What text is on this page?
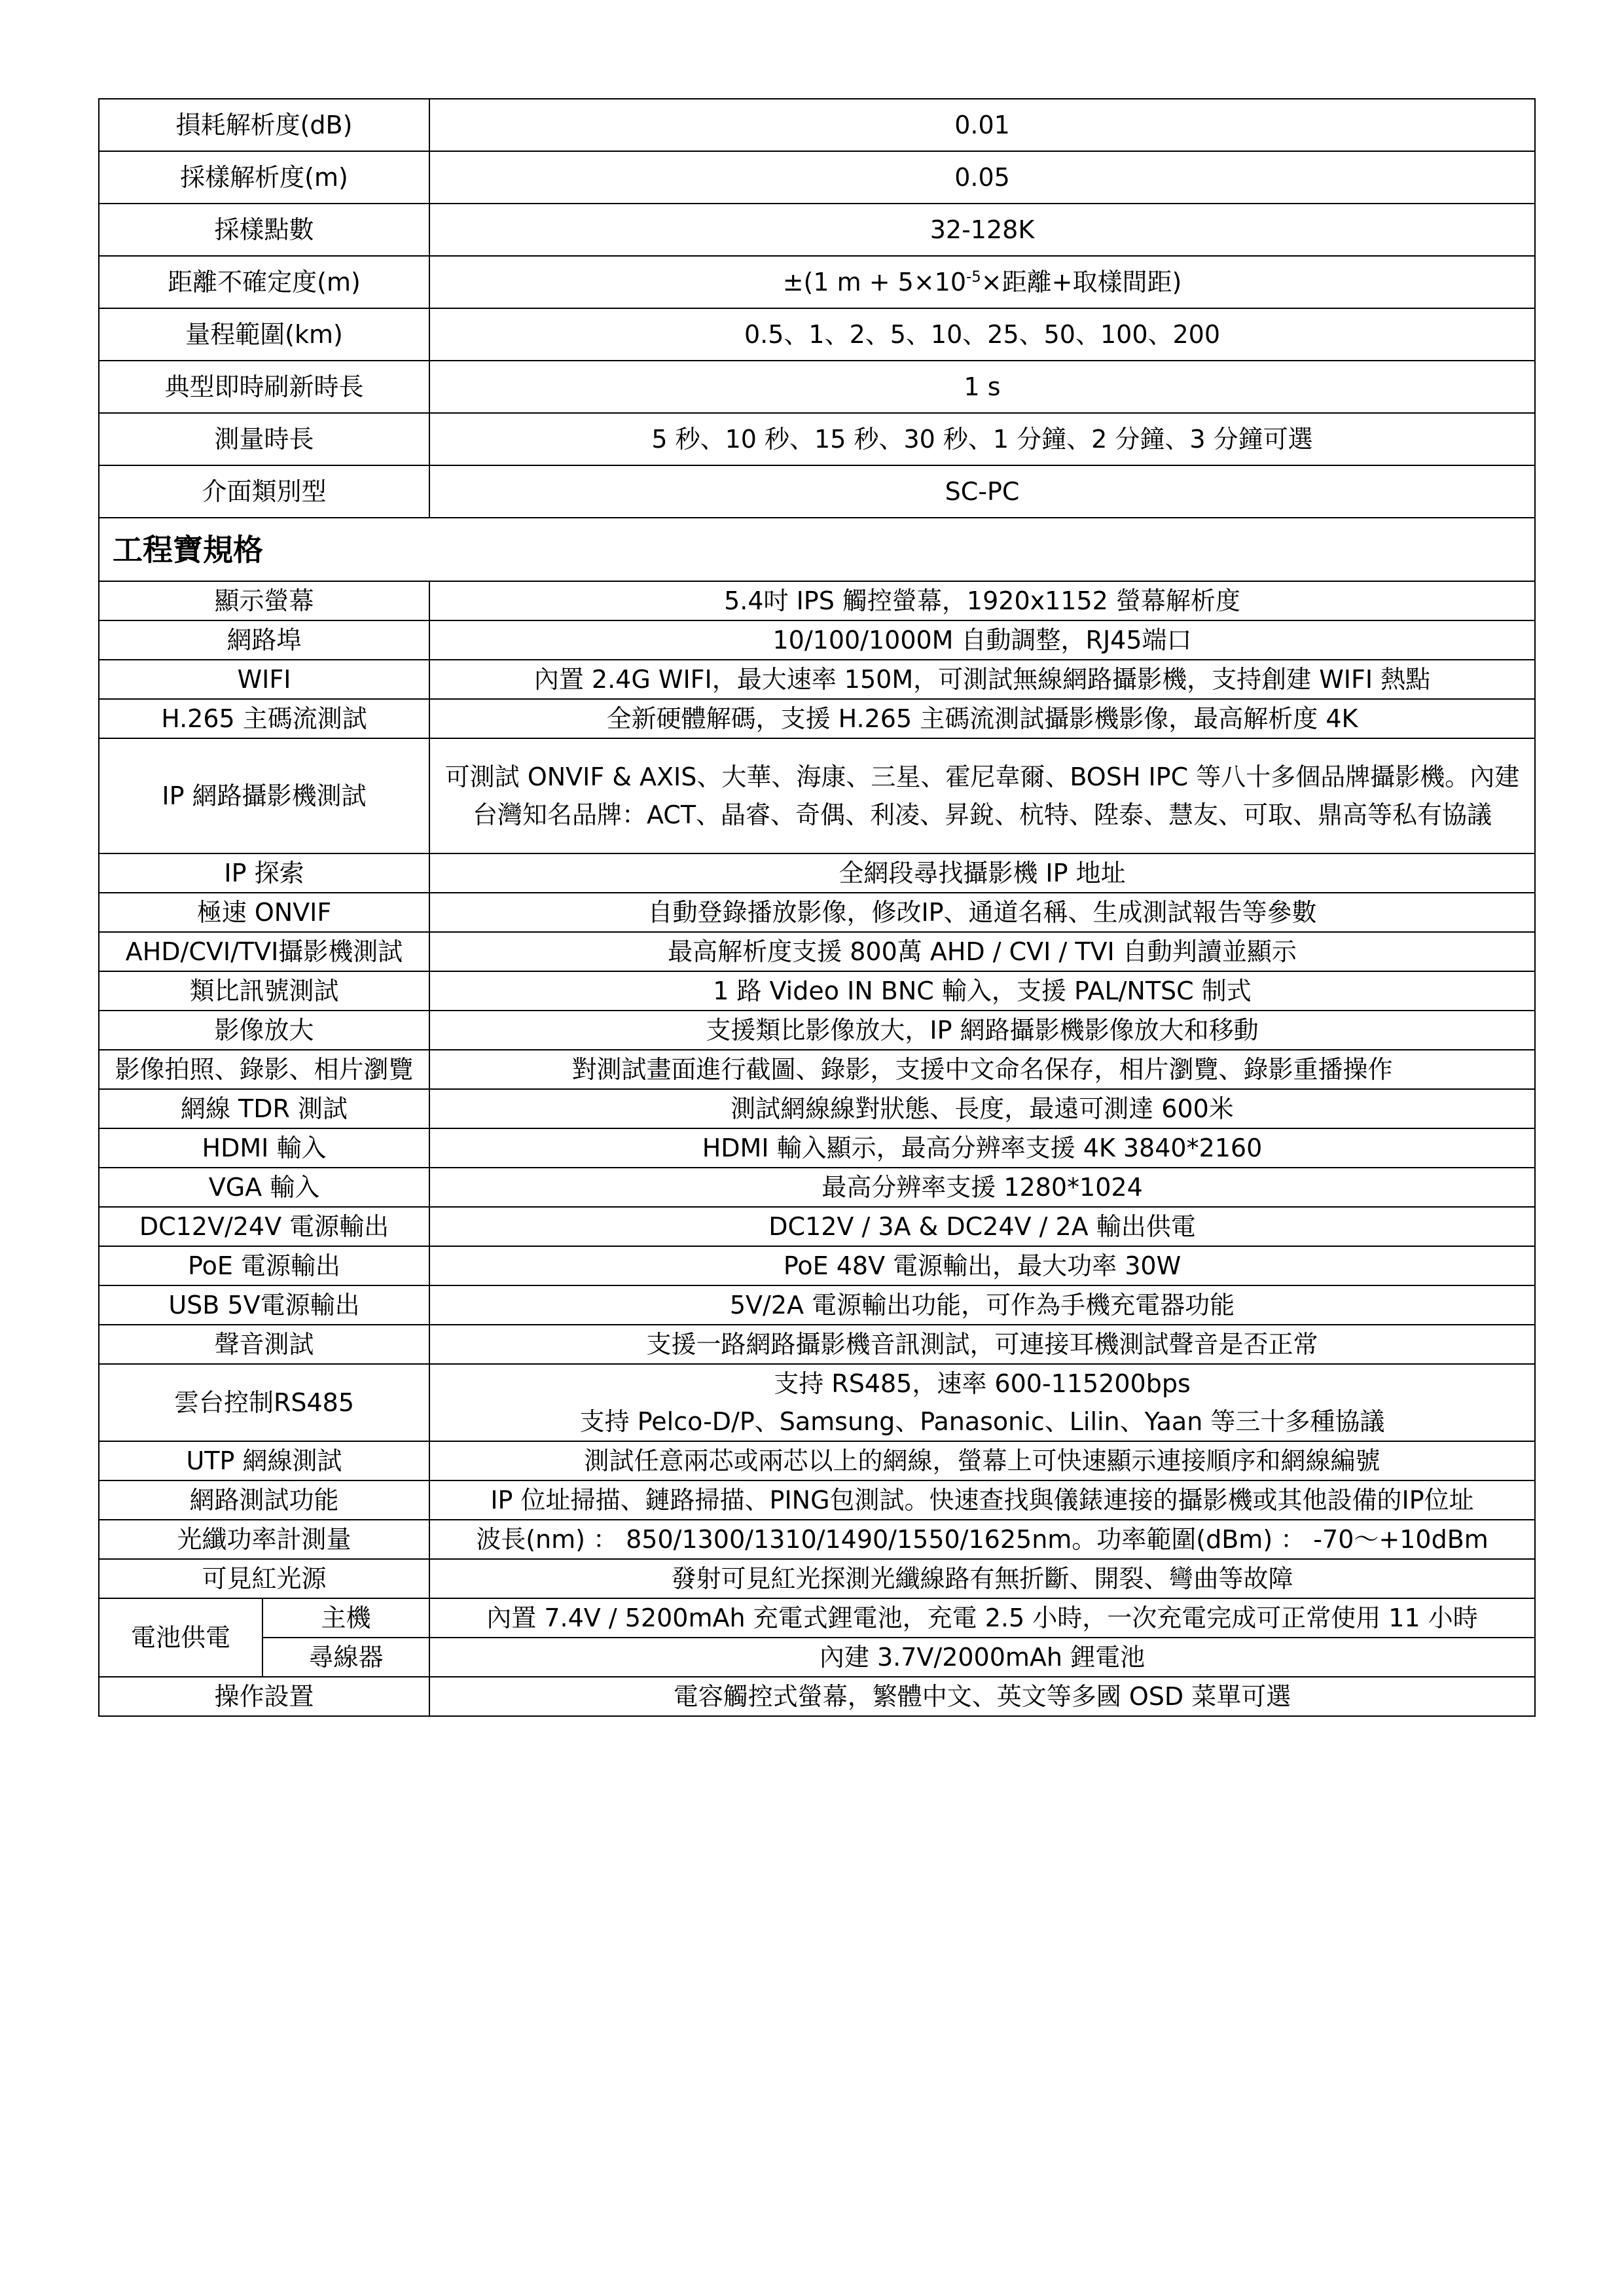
損耗解析度(dB)		0.01
採樣解析度(m)		0.05
採樣點數		32-128K
距離不確定度(m)		±(1 $m + 5\times 10^{-5}\times$距離+取樣間距)
量程範圍(km)		0.5、1、2、5、10、25、50、100、200
典型即時刷新時長		1 s
測量時長		5 秒、10 秒、15 秒、30 秒、1 分鐘、2 分鐘、3 分鐘可選
介面類別型		SC-PC
工程寶規格		
顯示螢幕		5.4吋 IPS 觸控螢幕，1920x1152 螢幕解析度
網路埠		10/100/1000M 自動調整，RJ45端口
WIFI		內置 2.4G WIFI，最大速率 150M，可測試無線網路攝影機，支持創建 WIFI 熱點
H.265 主碼流測試		全新硬體解碼，支援 H.265 主碼流測試攝影機影像，最高解析度 4K
IP 網路攝影機測試		可測試 ONVIF & AXIS、大華、海康、三星、霍尼韋爾、BOSH IPC 等八十多個品牌攝影機。內建台灣知名品牌：ACT、晶睿、奇偶、利凌、昇銳、杭特、陞泰、慧友、可取、鼎高等私有協議
IP 探索		全網段尋找攝影機 IP 地址
極速 ONVIF		自動登錄播放影像，修改IP、通道名稱、生成測試報告等參數
AHD/CVI/TVI攝影機測試		最高解析度支援 800萬 AHD / CVI / TVI 自動判讀並顯示
類比訊號測試		1 路 Video IN BNC 輸入，支援 PAL/NTSC 制式
影像放大		支援類比影像放大，IP 網路攝影機影像放大和移動
影像拍照、錄影、相片瀏覽		對測試畫面進行截圖、錄影，支援中文命名保存，相片瀏覽、錄影重播操作
網線 TDR 測試		測試網線線對狀態、長度，最遠可測達 600米
HDMI 輸入		HDMI 輸入顯示，最高分辨率支援 4K 3840*2160
VGA 輸入		最高分辨率支援 1280*1024
DC12V/24V 電源輸出		DC12V / 3A & DC24V / 2A 輸出供電
PoE 電源輸出		PoE 48V 電源輸出，最大功率 30W
USB 5V電源輸出		5V/2A 電源輸出功能，可作為手機充電器功能
聲音測試		支援一路網路攝影機音訊測試，可連接耳機測試聲音是否正常
雲台控制RS485		支持 RS485，速率 600-115200bps
支持 Pelco-D/P、Samsung、Panasonic、Lilin、Yaan 等三十多種協議

UTP 網線測試		測試任意兩芯或兩芯以上的網線，螢幕上可快速顯示連接順序和網線編號
網路測試功能		IP 位址掃描、鏈路掃描、PING包測試。快速查找與儀錶連接的攝影機或其他設備的IP位址
光纖功率計測量		波長(nm) ： 850/1300/1310/1490/1550/1625nm。功率範圍(dBm) ： -70～+10dBm
可見紅光源		發射可見紅光探測光纖線路有無折斷、開裂、彎曲等故障
電池供電	主機	內置 7.4V / 5200mAh 充電式鋰電池，充電 2.5 小時，一次充電完成可正常使用 11 小時
	尋線器	內建 3.7V/2000mAh 鋰電池
操作設置		電容觸控式螢幕，繁體中文、英文等多國 OSD 菜單可選
